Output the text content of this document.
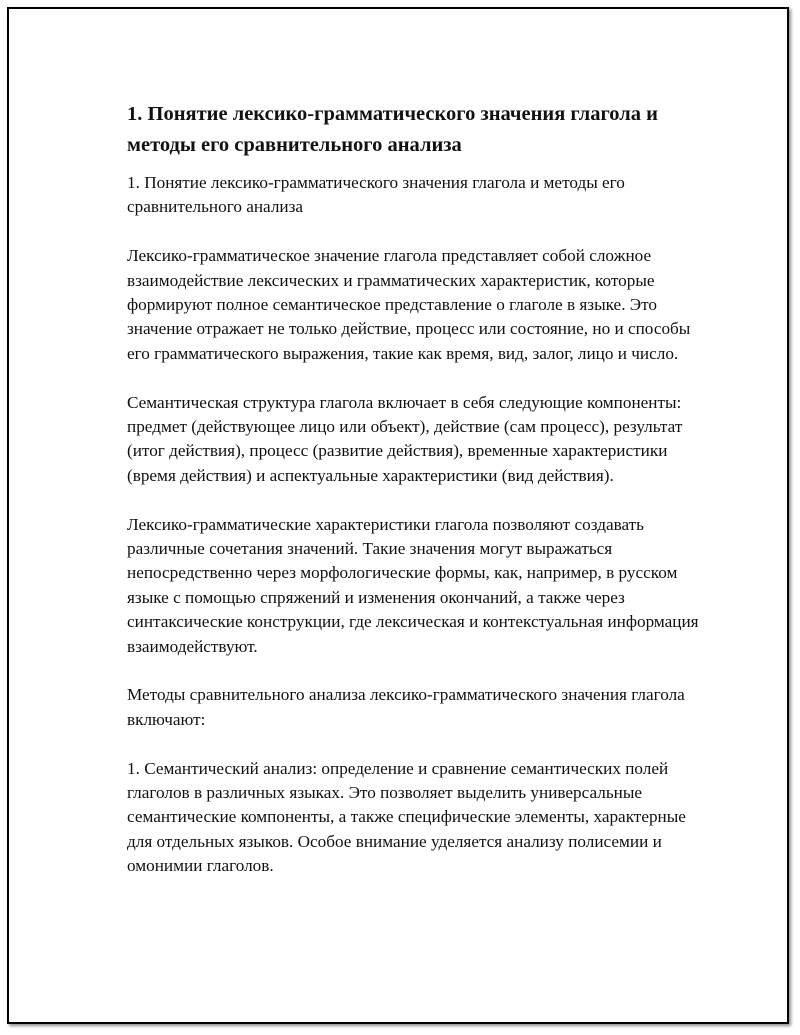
1. Понятие лексико-грамматического значения глагола и методы его сравнительного анализа

1. Понятие лексико-грамматического значения глагола и методы его сравнительного анализа

Лексико-грамматическое значение глагола представляет собой сложное взаимодействие лексических и грамматических характеристик, которые формируют полное семантическое представление о глаголе в языке. Это значение отражает не только действие, процесс или состояние, но и способы его грамматического выражения, такие как время, вид, залог, лицо и число.

Семантическая структура глагола включает в себя следующие компоненты: предмет (действующее лицо или объект), действие (сам процесс), результат (итог действия), процесс (развитие действия), временные характеристики (время действия) и аспектуальные характеристики (вид действия).

Лексико-грамматические характеристики глагола позволяют создавать различные сочетания значений. Такие значения могут выражаться непосредственно через морфологические формы, как, например, в русском языке с помощью спряжений и изменения окончаний, а также через синтаксические конструкции, где лексическая и контекстуальная информация взаимодействуют.

Методы сравнительного анализа лексико-грамматического значения глагола включают:

1. Семантический анализ: определение и сравнение семантических полей глаголов в различных языках. Это позволяет выделить универсальные семантические компоненты, а также специфические элементы, характерные для отдельных языков. Особое внимание уделяется анализу полисемии и омонимии глаголов.
